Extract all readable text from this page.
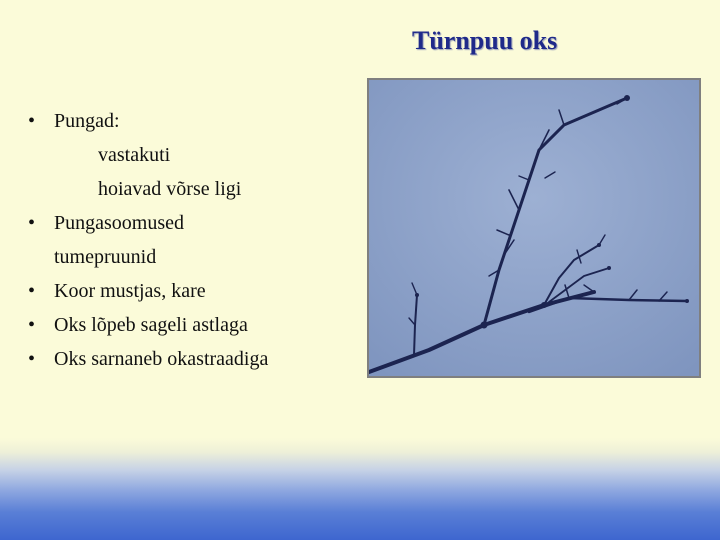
Türnpuu oks
• Pungad:
vastakuti
hoiavad võrse ligi
• Pungasoomused
tumepruunid
• Koor mustjas, kare
• Oks lõpeb sageli astlaga
• Oks sarnaneb okastraadiga
